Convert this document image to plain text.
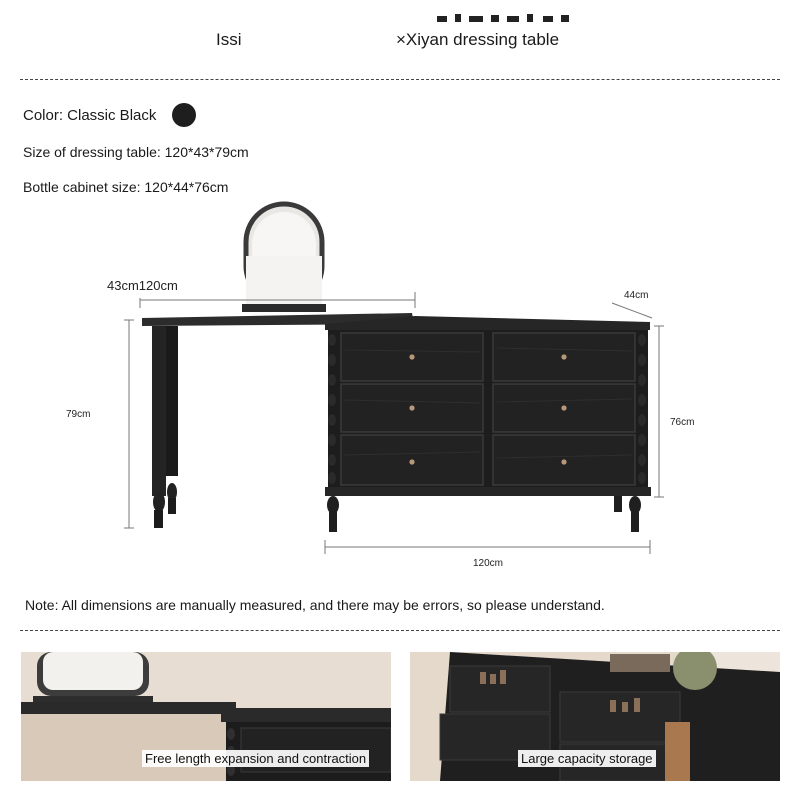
Issi	×Xiyan dressing table
Color: Classic Black
Size of dressing table: 120*43*79cm
Bottle cabinet size: 120*44*76cm
43cm120cm
44cm
79cm
76cm
120cm
Note: All dimensions are manually measured, and there may be errors, so please understand.
Free length expansion and contraction	Large capacity storage
